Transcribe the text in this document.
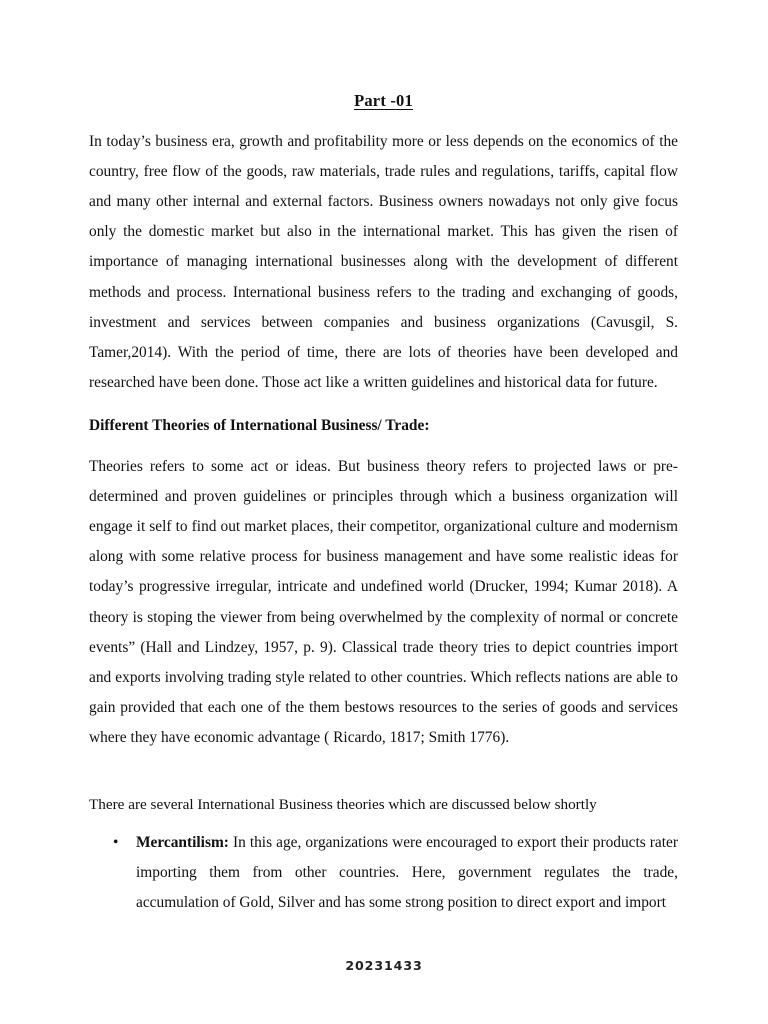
Part -01

In today’s business era, growth and profitability more or less depends on the economics of the country, free flow of the goods, raw materials, trade rules and regulations, tariffs, capital flow and many other internal and external factors. Business owners nowadays not only give focus only the domestic market but also in the international market. This has given the risen of importance of managing international businesses along with the development of different methods and process. International business refers to the trading and exchanging of goods, investment and services between companies and business organizations (Cavusgil, S. Tamer,2014). With the period of time, there are lots of theories have been developed and researched have been done. Those act like a written guidelines and historical data for future.

Different Theories of International Business/ Trade:

Theories refers to some act or ideas. But business theory refers to projected laws or pre-determined and proven guidelines or principles through which a business organization will engage it self to find out market places, their competitor, organizational culture and modernism along with some relative process for business management and have some realistic ideas for today’s progressive irregular, intricate and undefined world (Drucker, 1994; Kumar 2018). A theory is stoping the viewer from being overwhelmed by the complexity of normal or concrete events” (Hall and Lindzey, 1957, p. 9). Classical trade theory tries to depict countries import and exports involving trading style related to other countries. Which reflects nations are able to gain provided that each one of the them bestows resources to the series of goods and services where they have economic advantage ( Ricardo, 1817; Smith 1776).

There are several International Business theories which are discussed below shortly

• Mercantilism: In this age, organizations were encouraged to export their products rater importing them from other countries. Here, government regulates the trade, accumulation of Gold, Silver and has some strong position to direct export and import
20231433
